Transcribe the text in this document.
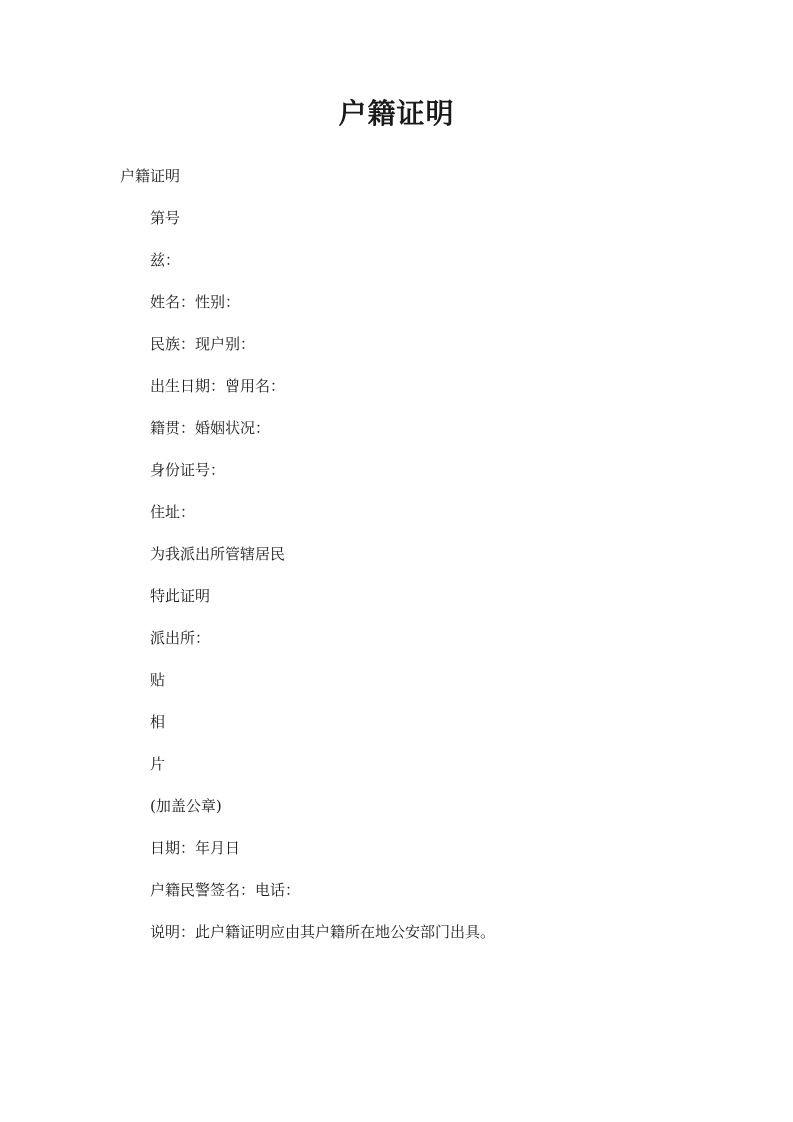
户籍证明
户籍证明
第号
兹：
姓名：性别：
民族：现户别：
出生日期：曾用名：
籍贯：婚姻状况：
身份证号：
住址：
为我派出所管辖居民
特此证明
派出所：
贴
相
片
(加盖公章)
日期：年月日
户籍民警签名：电话：
说明：此户籍证明应由其户籍所在地公安部门出具。
